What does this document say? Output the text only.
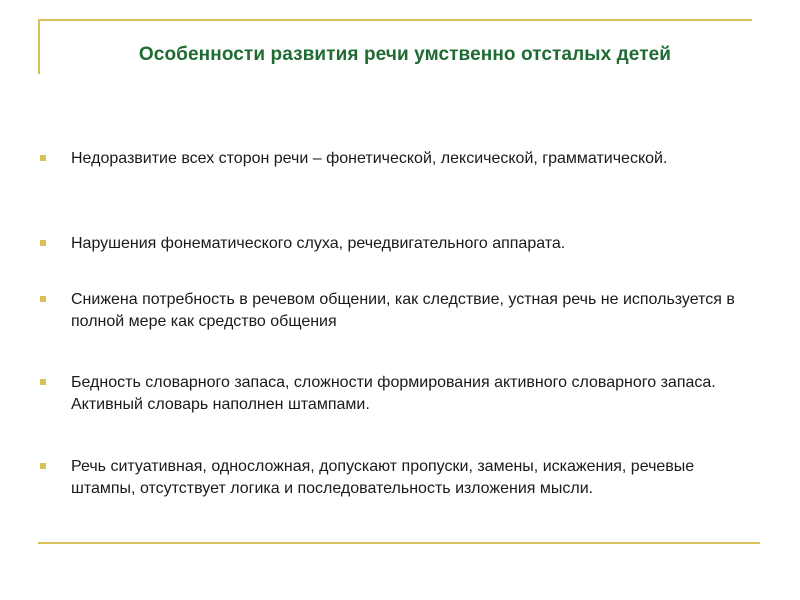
Особенности развития речи умственно отсталых детей
Недоразвитие всех сторон речи – фонетической, лексической, грамматической.
Нарушения фонематического слуха, речедвигательного аппарата.
Снижена потребность в речевом общении, как следствие, устная речь не используется в полной мере как средство общения
Бедность словарного запаса, сложности формирования активного словарного запаса. Активный словарь наполнен штампами.
Речь ситуативная, односложная, допускают пропуски, замены, искажения, речевые штампы, отсутствует логика и последовательность изложения мысли.
